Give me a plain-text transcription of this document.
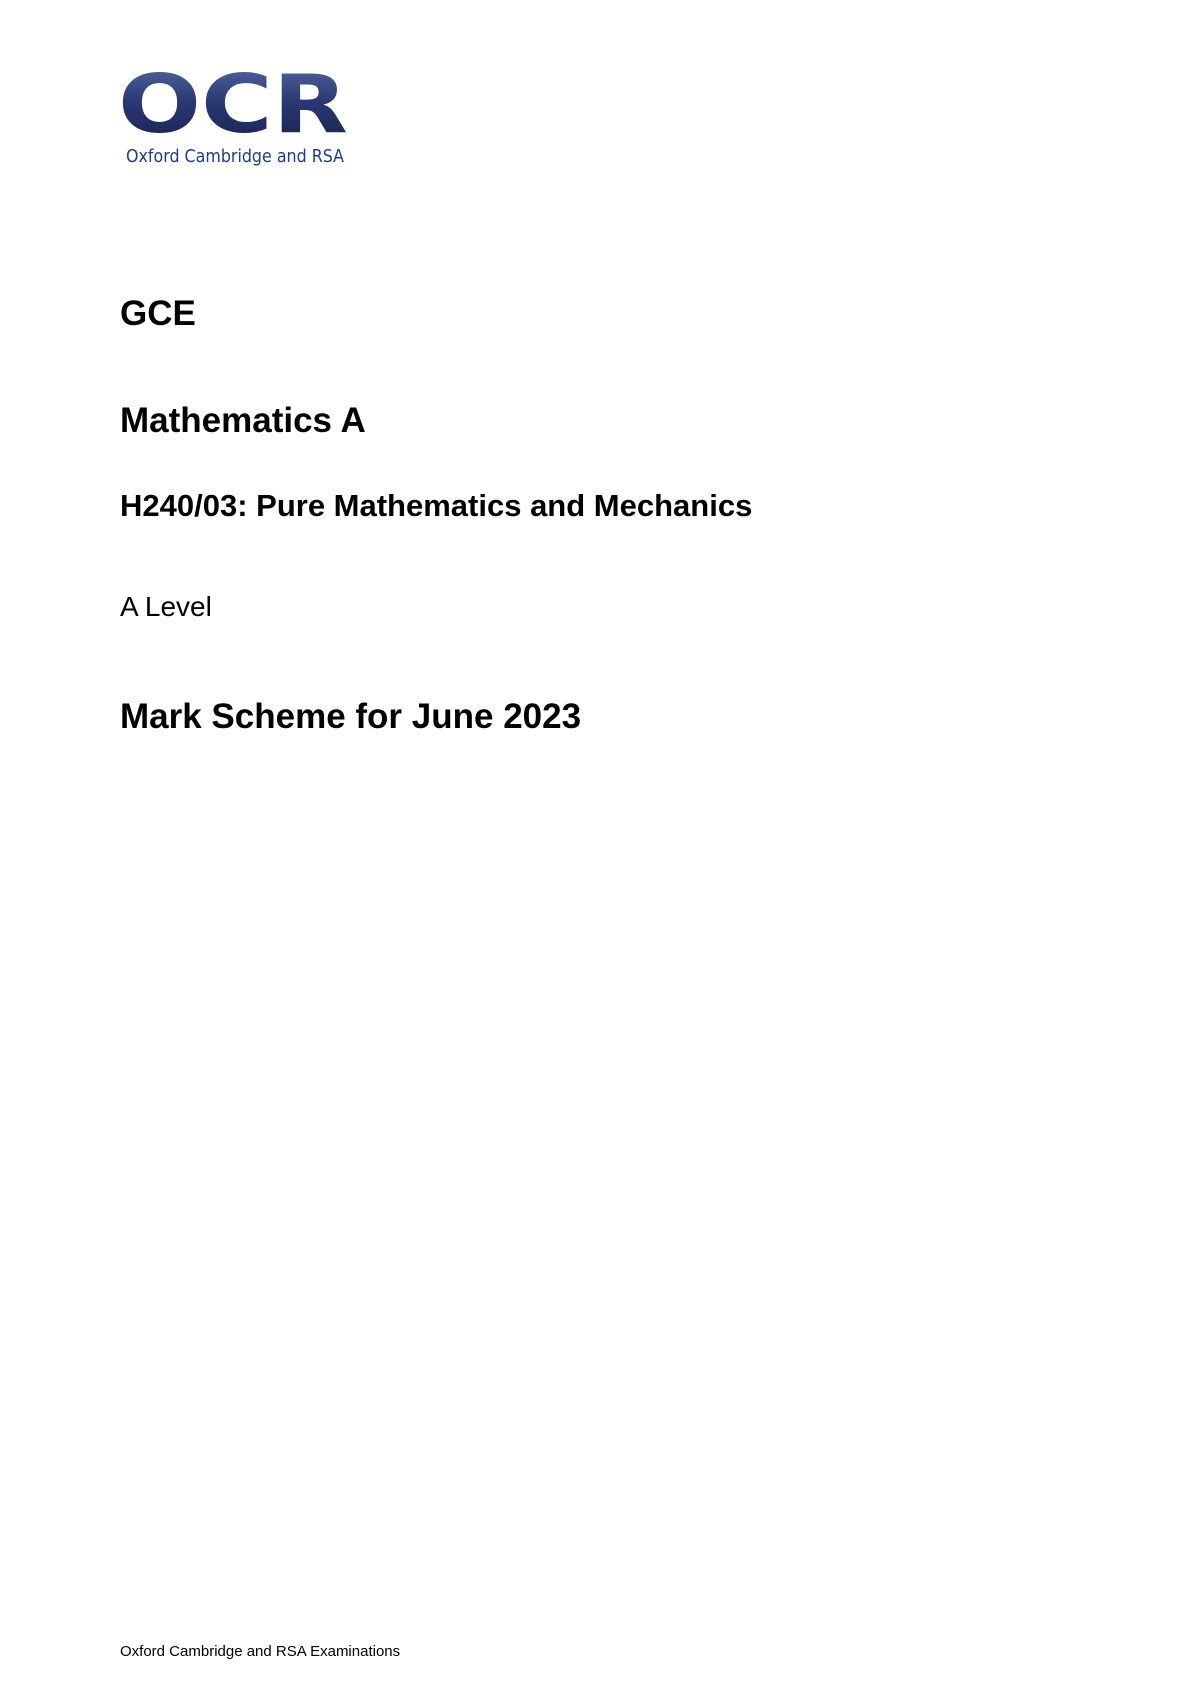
OCR
Oxford Cambridge and RSA
GCE
Mathematics A
H240/03: Pure Mathematics and Mechanics

A Level

Mark Scheme for June 2023

Oxford Cambridge and RSA Examinations
